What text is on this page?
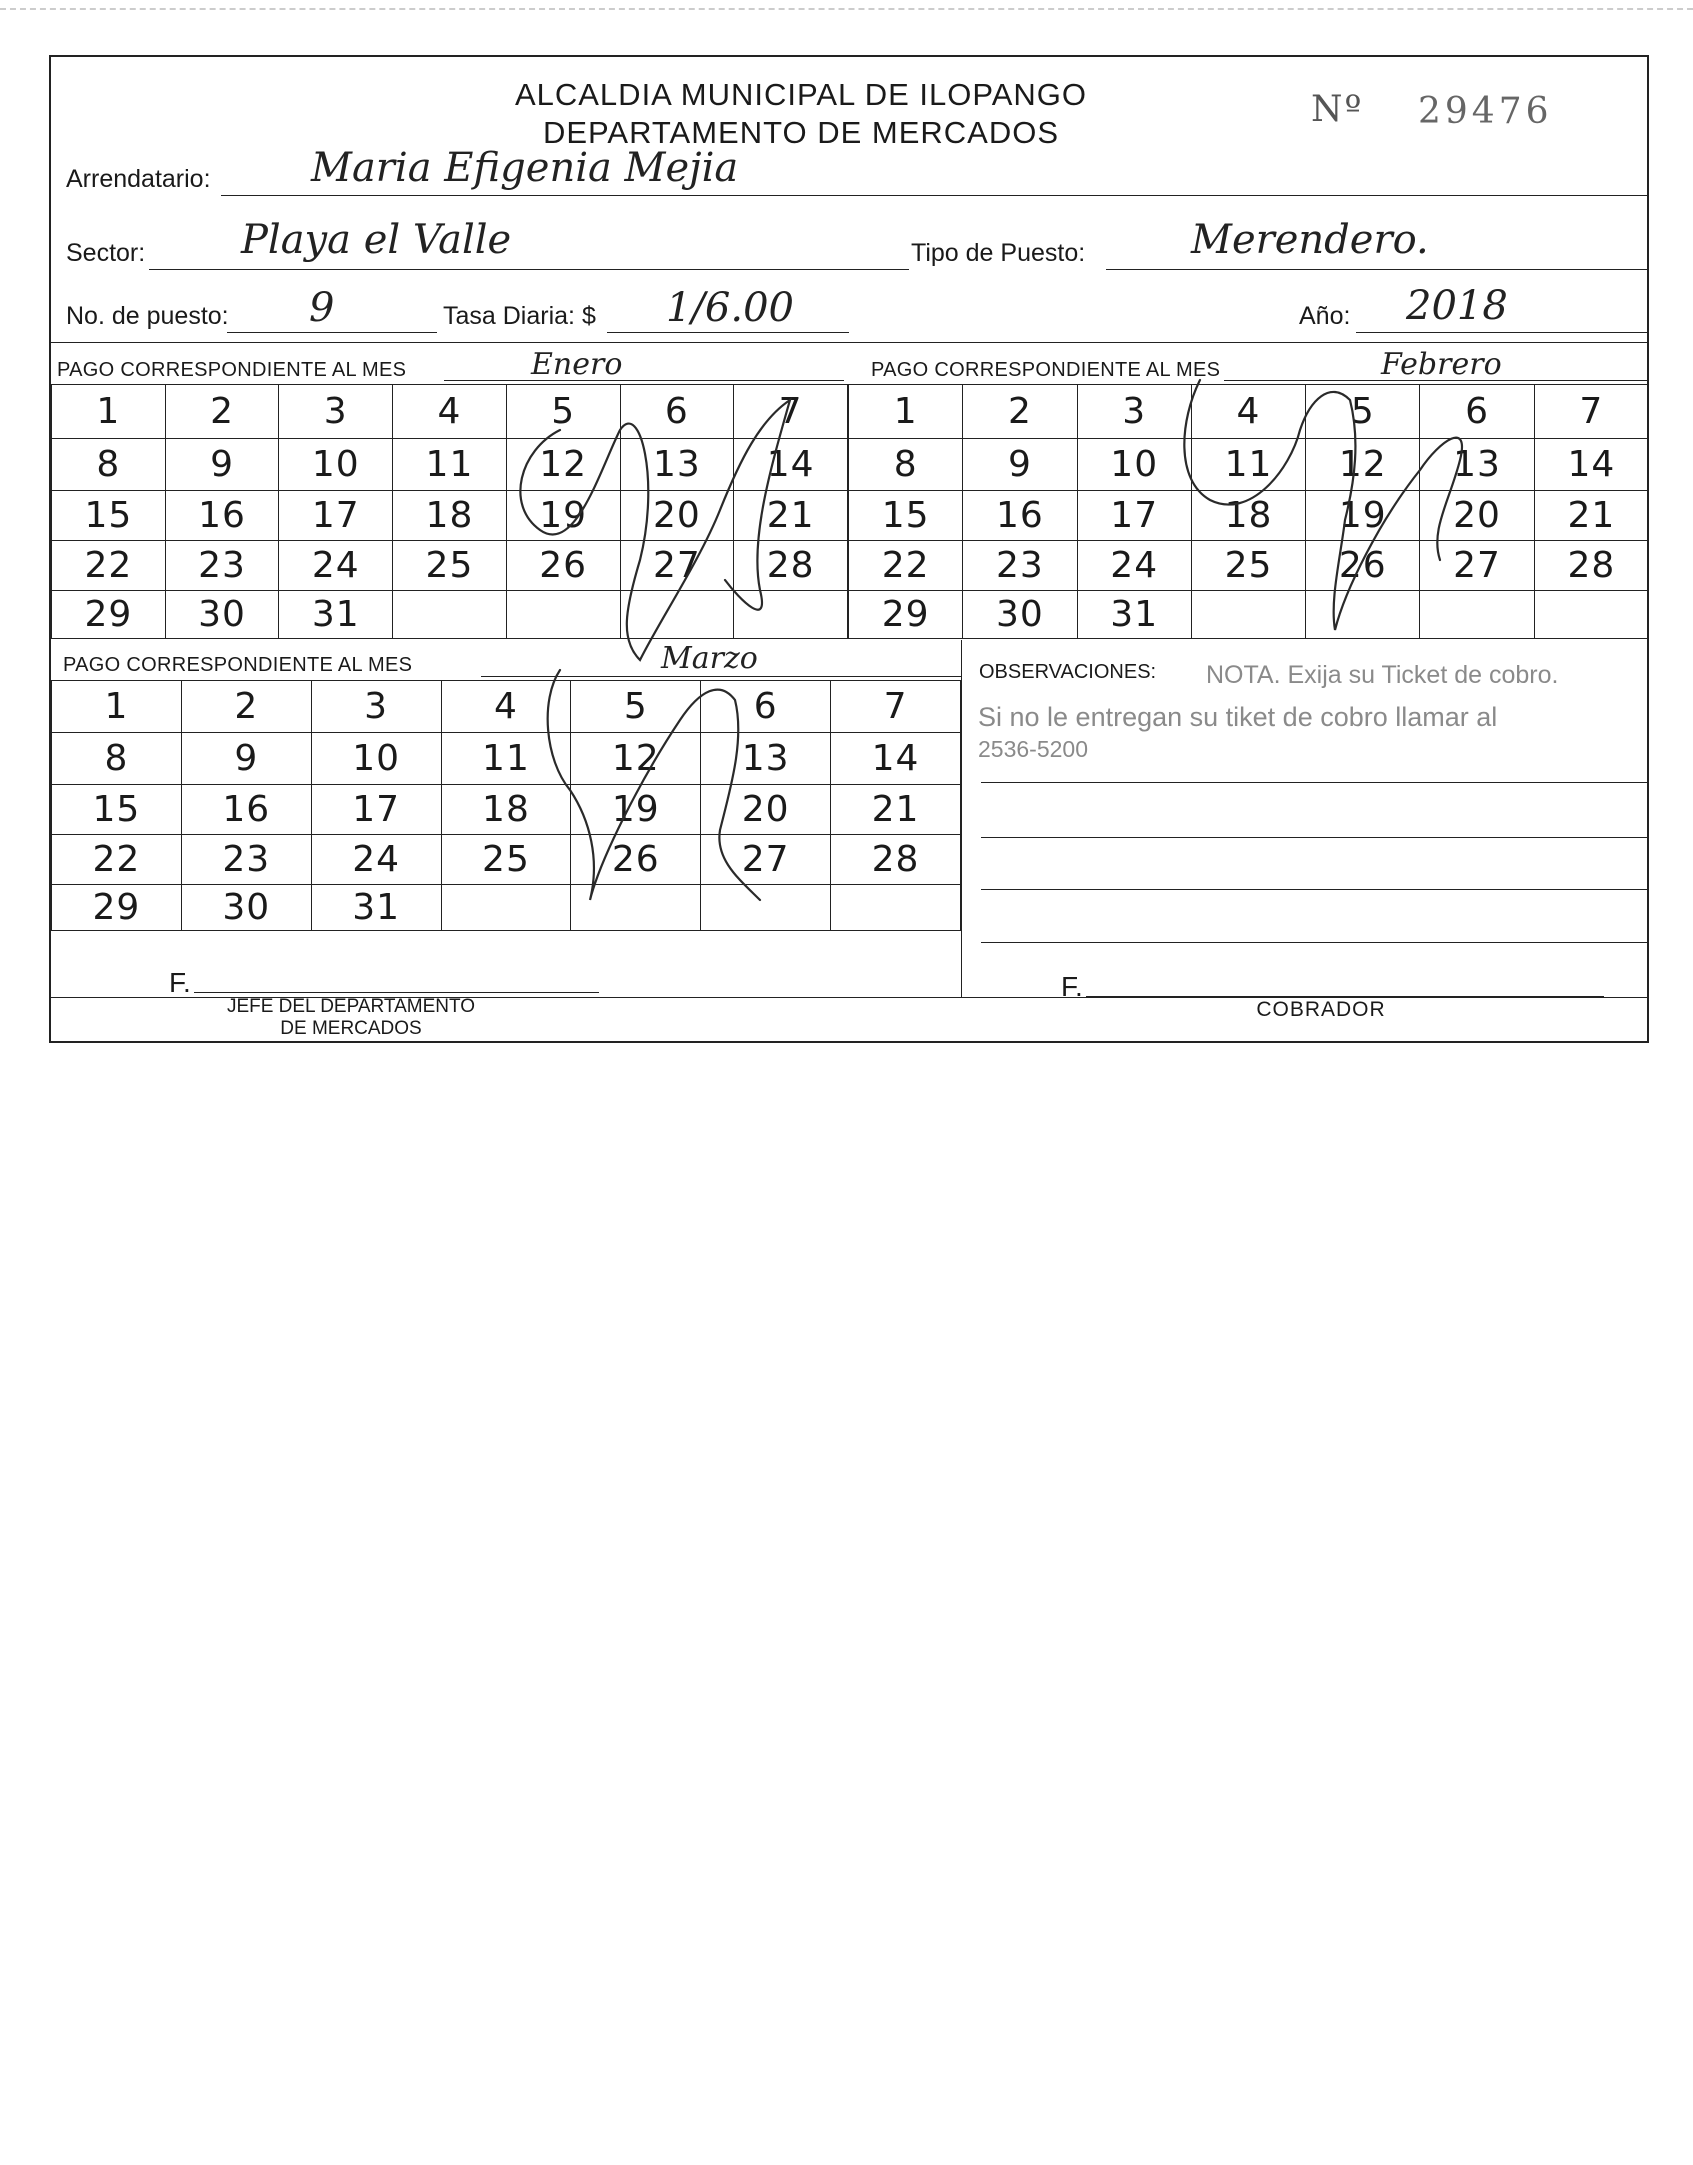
ALCALDIA MUNICIPAL DE ILOPANGO
DEPARTAMENTO DE MERCADOS
Nº 29476
Arrendatario:	Maria Efigenia Mejia
Sector: Playa el Valle	Tipo de Puesto:	Merendero.
No. de puesto: 9	Tasa Diaria: $ 1/6.00	Año: 2018
PAGO CORRESPONDIENTE AL MES	Enero	PAGO CORRESPONDIENTE AL MES	Febrero
1	2	3	4	5	6	7
8	9	10	11	12	13	14
15	16	17	18	19	20	21
22	23	24	25	26	27	28
29	30	31				
1	2	3	4	5	6	7
8	9	10	11	12	13	14
15	16	17	18	19	20	21
22	23	24	25	26	27	28
29	30	31				
PAGO CORRESPONDIENTE AL MES	Marzo
1	2	3	4	5	6	7
8	9	10	11	12	13	14
15	16	17	18	19	20	21
22	23	24	25	26	27	28
29	30	31				
OBSERVACIONES: NOTA. Exija su Ticket de cobro.
Si no le entregan su tiket de cobro llamar al
2536-5200
F.
JEFE DEL DEPARTAMENTO
DE MERCADOS
F.
COBRADOR
